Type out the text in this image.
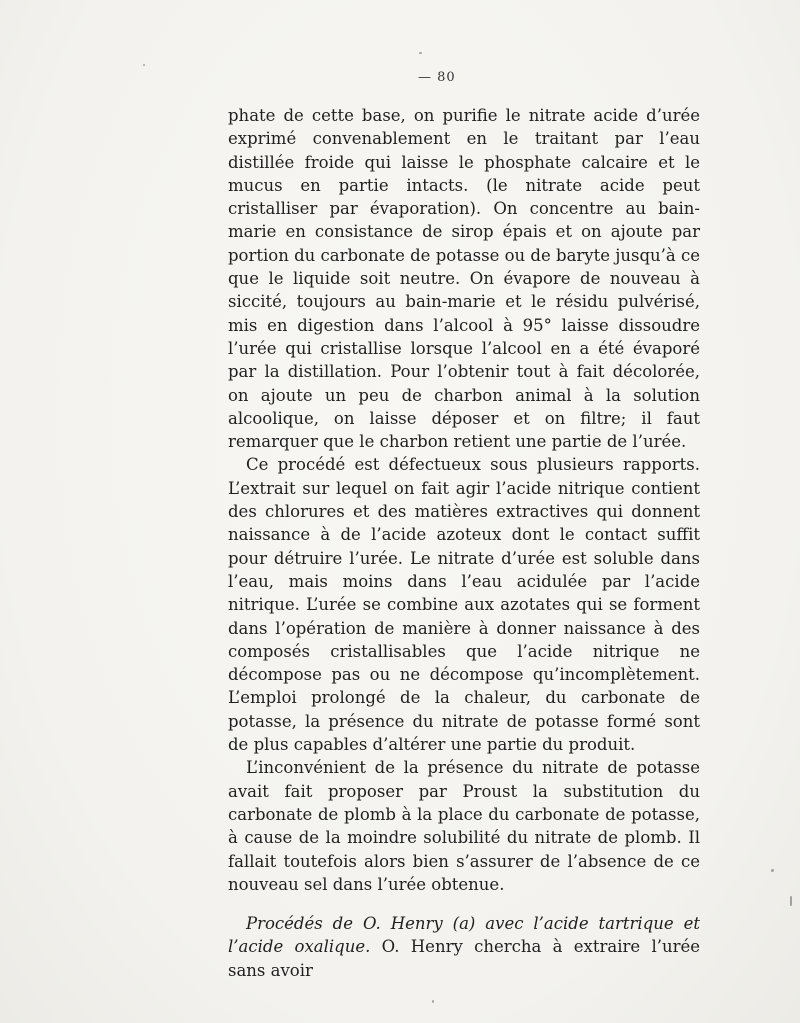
— 80

phate de cette base, on purifie le nitrate acide d’urée exprimé convenablement en le traitant par l’eau distillée froide qui laisse le phosphate calcaire et le mucus en partie intacts. (le nitrate acide peut cristalliser par évaporation). On concentre au bain-marie en consistance de sirop épais et on ajoute par portion du carbonate de potasse ou de baryte jusqu’à ce que le liquide soit neutre. On évapore de nouveau à siccité, toujours au bain-marie et le résidu pulvérisé, mis en digestion dans l’alcool à 95° laisse dissoudre l’urée qui cristallise lorsque l’alcool en a été évaporé par la distillation. Pour l’obtenir tout à fait décolorée, on ajoute un peu de charbon animal à la solution alcoolique, on laisse déposer et on filtre; il faut remarquer que le charbon retient une partie de l’urée.

Ce procédé est défectueux sous plusieurs rapports. L’extrait sur lequel on fait agir l’acide nitrique contient des chlorures et des matières extractives qui donnent naissance à de l’acide azoteux dont le contact suffit pour détruire l’urée. Le nitrate d’urée est soluble dans l’eau, mais moins dans l’eau acidulée par l’acide nitrique. L’urée se combine aux azotates qui se forment dans l’opération de manière à donner naissance à des composés cristallisables que l’acide nitrique ne décompose pas ou ne décompose qu’incomplètement. L’emploi prolongé de la chaleur, du carbonate de potasse, la présence du nitrate de potasse formé sont de plus capables d’altérer une partie du produit.

L’inconvénient de la présence du nitrate de potasse avait fait proposer par Proust la substitution du carbonate de plomb à la place du carbonate de potasse, à cause de la moindre solubilité du nitrate de plomb. Il fallait toutefois alors bien s’assurer de l’absence de ce nouveau sel dans l’urée obtenue.

Procédés de O. Henry (a) avec l’acide tartrique et l’acide oxalique. O. Henry chercha à extraire l’urée sans avoir
